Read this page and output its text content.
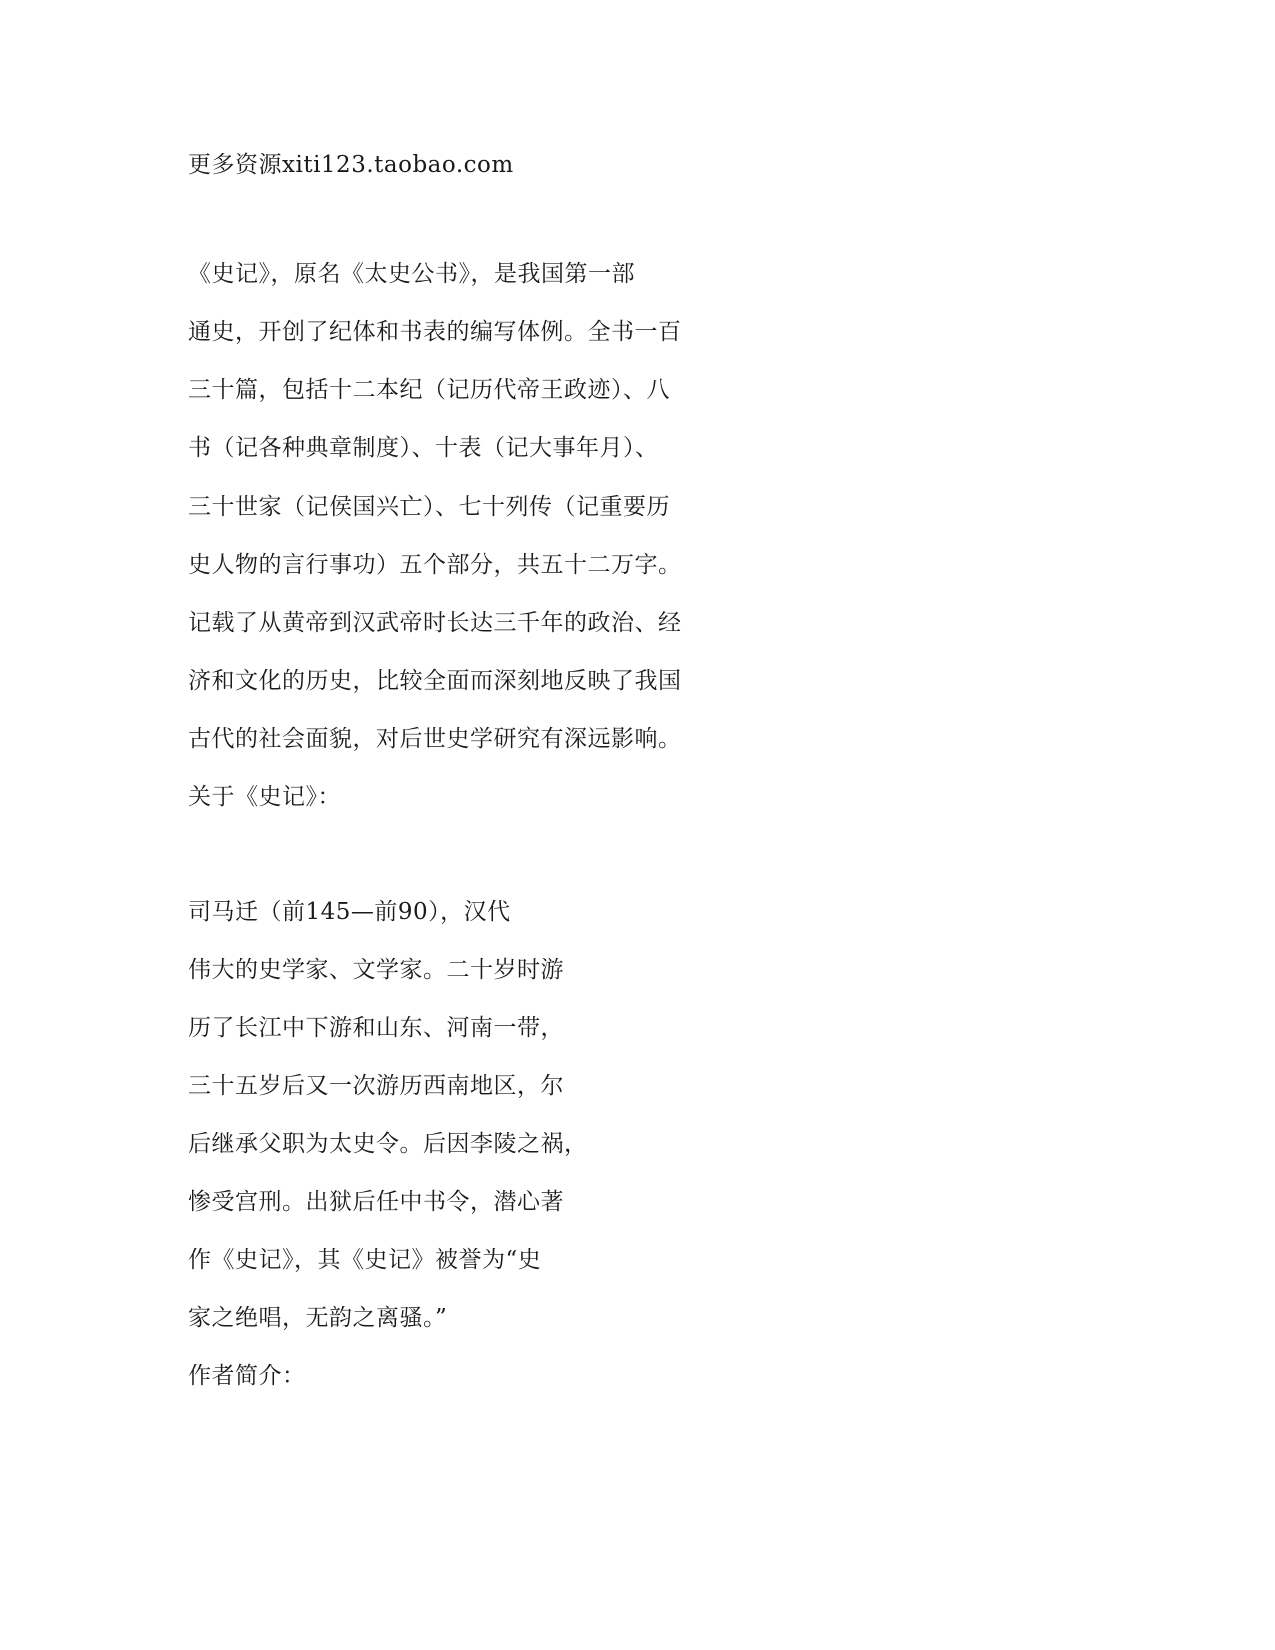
更多资源xiti123.taobao.com
《史记》，原名《太史公书》，是我国第一部
通史，开创了纪体和书表的编写体例。全书一百
三十篇，包括十二本纪（记历代帝王政迹）、八
书（记各种典章制度）、十表（记大事年月）、
三十世家（记侯国兴亡）、七十列传（记重要历
史人物的言行事功）五个部分，共五十二万字。
记载了从黄帝到汉武帝时长达三千年的政治、经
济和文化的历史，比较全面而深刻地反映了我国
古代的社会面貌，对后世史学研究有深远影响。
关于《史记》：
司马迁（前145—前90），汉代
伟大的史学家、文学家。二十岁时游
历了长江中下游和山东、河南一带，
三十五岁后又一次游历西南地区，尔
后继承父职为太史令。后因李陵之祸，
惨受宫刑。出狱后任中书令，潜心著
作《史记》，其《史记》被誉为“史
家之绝唱，无韵之离骚。”
作者简介：
